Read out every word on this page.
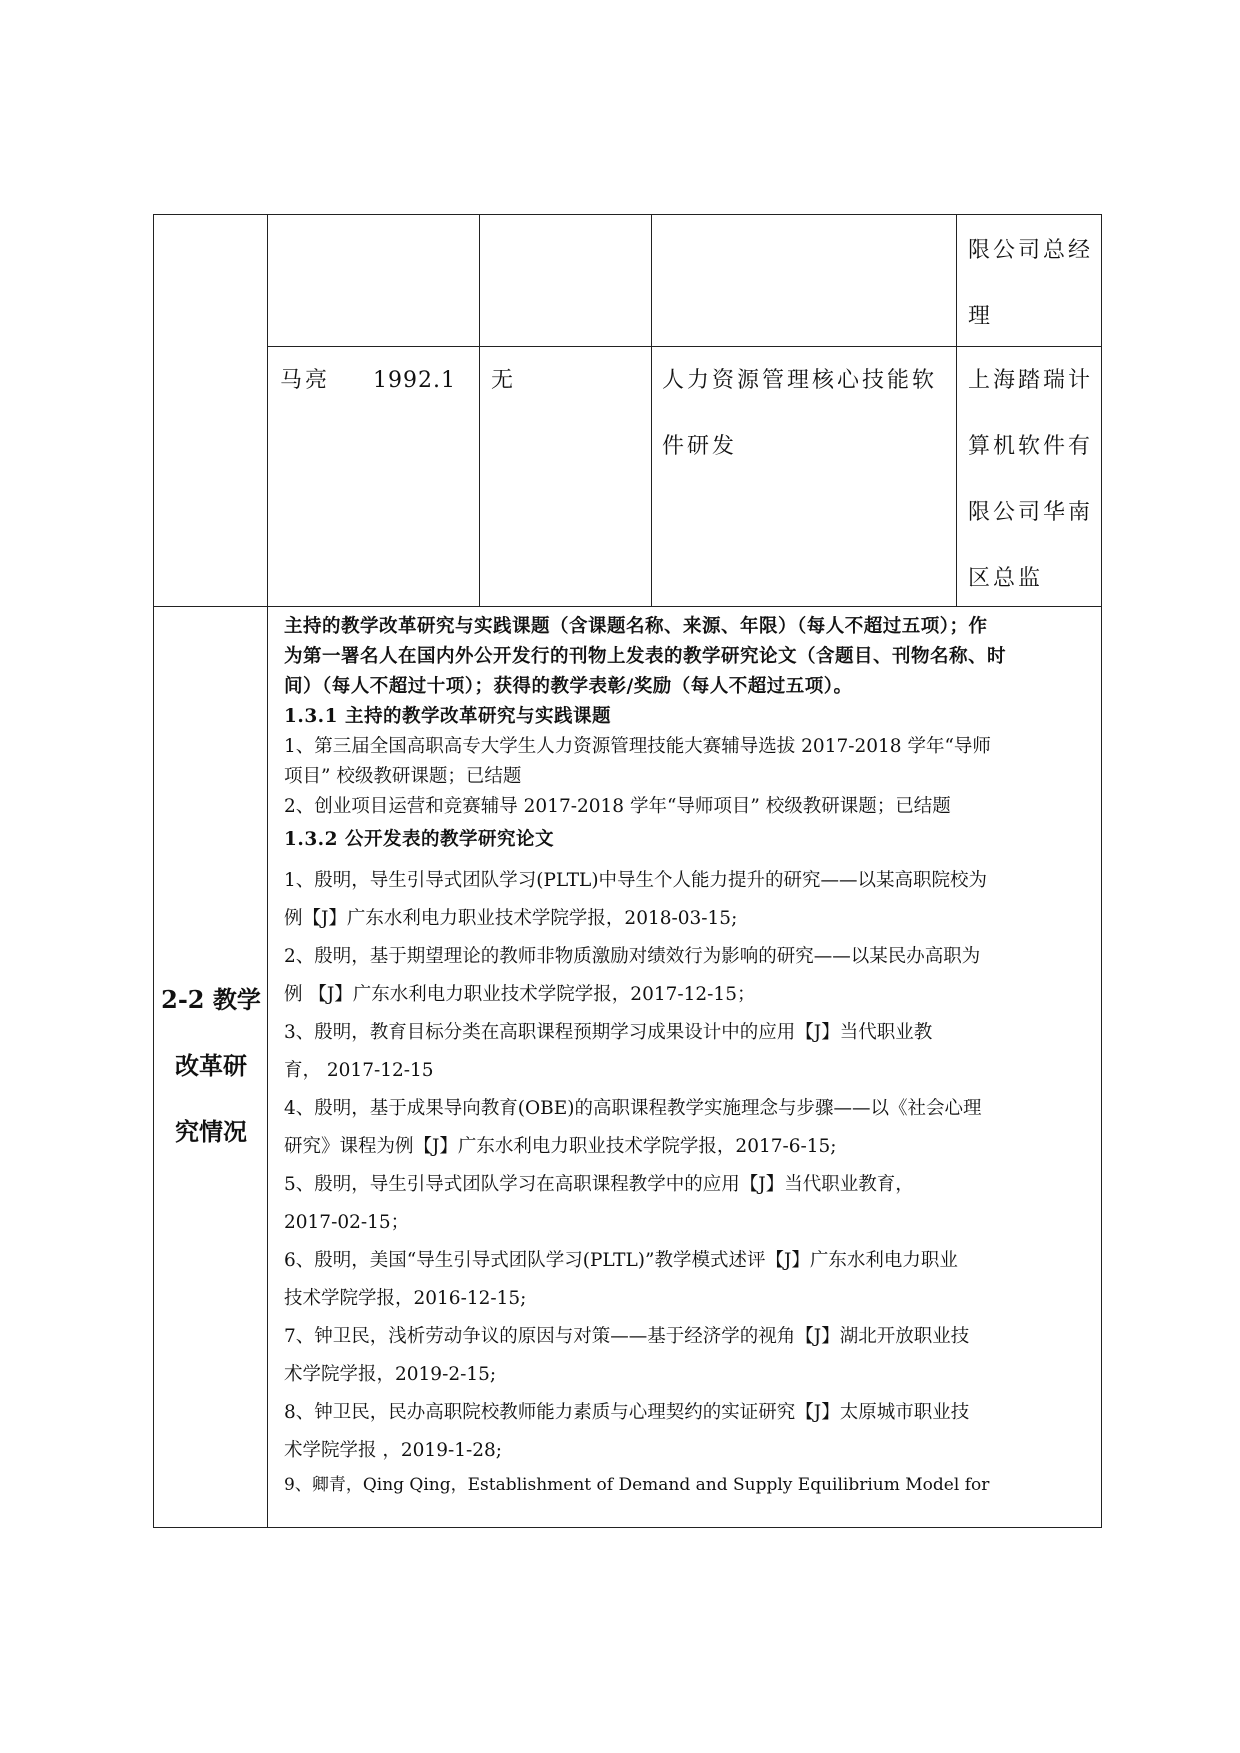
限公司总经
理
马亮 1992.1 无	人力资源管理核心技能软
件研发
上海踏瑞计
算机软件有
限公司华南
区总监
2-2 教学
改革研
究情况

主持的教学改革研究与实践课题（含课题名称、来源、年限）（每人不超过五项）；作

为第一署名人在国内外公开发行的刊物上发表的教学研究论文（含题目、刊物名称、时

间）（每人不超过十项）；获得的教学表彰/奖励（每人不超过五项）。

1.3.1 主持的教学改革研究与实践课题

1、第三届全国高职高专大学生人力资源管理技能大赛辅导选拔 2017-2018 学年“导师

项目” 校级教研课题；已结题

2、创业项目运营和竞赛辅导 2017-2018 学年“导师项目” 校级教研课题；已结题

1.3.2 公开发表的教学研究论文

1、殷明，导生引导式团队学习(PLTL)中导生个人能力提升的研究——以某高职院校为

例【J】广东水利电力职业技术学院学报，2018-03-15;

2、殷明，基于期望理论的教师非物质激励对绩效行为影响的研究——以某民办高职为

例 【J】广东水利电力职业技术学院学报，2017-12-15；

3、殷明，教育目标分类在高职课程预期学习成果设计中的应用【J】当代职业教

育， 2017-12-15

4、殷明，基于成果导向教育(OBE)的高职课程教学实施理念与步骤——以《社会心理

研究》课程为例【J】广东水利电力职业技术学院学报，2017-6-15;

5、殷明，导生引导式团队学习在高职课程教学中的应用【J】当代职业教育，

2017-02-15；

6、殷明，美国“导生引导式团队学习(PLTL)”教学模式述评【J】广东水利电力职业

技术学院学报，2016-12-15;

7、钟卫民，浅析劳动争议的原因与对策——基于经济学的视角【J】湖北开放职业技

术学院学报，2019-2-15;

8、钟卫民，民办高职院校教师能力素质与心理契约的实证研究【J】太原城市职业技

术学院学报 ，2019-1-28;

9、卿青，Qing Qing，Establishment of Demand and Supply Equilibrium Model for
